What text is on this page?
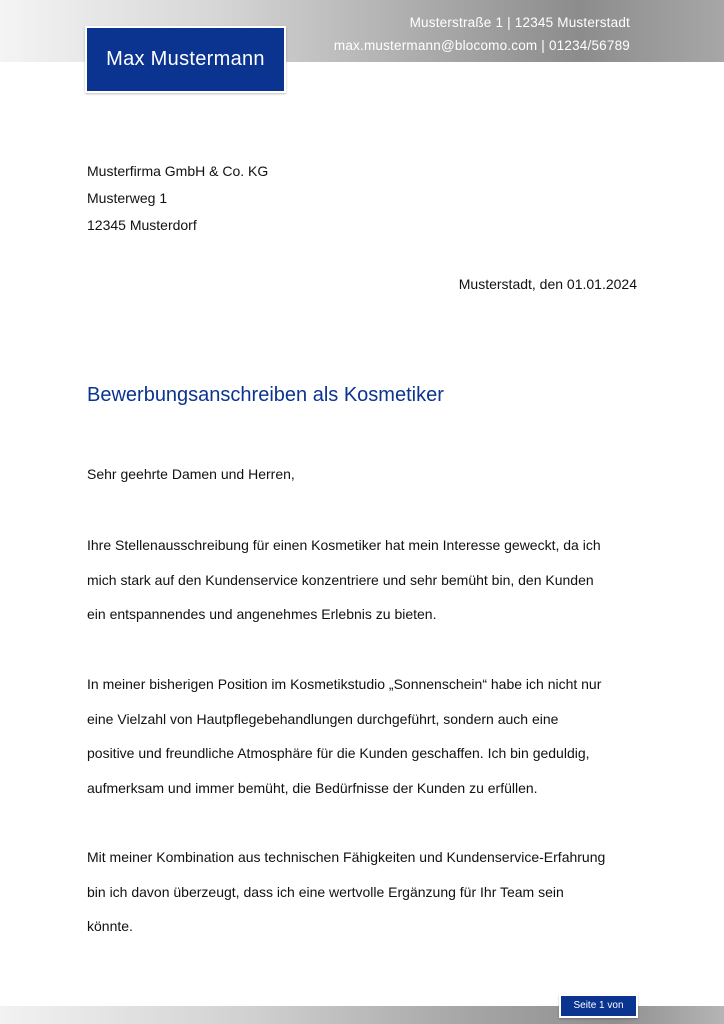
Musterstraße 1 | 12345 Musterstadt
max.mustermann@blocomo.com | 01234/56789
Max Mustermann
Musterfirma GmbH & Co. KG
Musterweg 1
12345 Musterdorf
Musterstadt, den 01.01.2024
Bewerbungsanschreiben als Kosmetiker
Sehr geehrte Damen und Herren,
Ihre Stellenausschreibung für einen Kosmetiker hat mein Interesse geweckt, da ich
mich stark auf den Kundenservice konzentriere und sehr bemüht bin, den Kunden
ein entspannendes und angenehmes Erlebnis zu bieten.
In meiner bisherigen Position im Kosmetikstudio „Sonnenschein“ habe ich nicht nur
eine Vielzahl von Hautpflegebehandlungen durchgeführt, sondern auch eine
positive und freundliche Atmosphäre für die Kunden geschaffen. Ich bin geduldig,
aufmerksam und immer bemüht, die Bedürfnisse der Kunden zu erfüllen.
Mit meiner Kombination aus technischen Fähigkeiten und Kundenservice-Erfahrung
bin ich davon überzeugt, dass ich eine wertvolle Ergänzung für Ihr Team sein
könnte.
Seite 1 von
